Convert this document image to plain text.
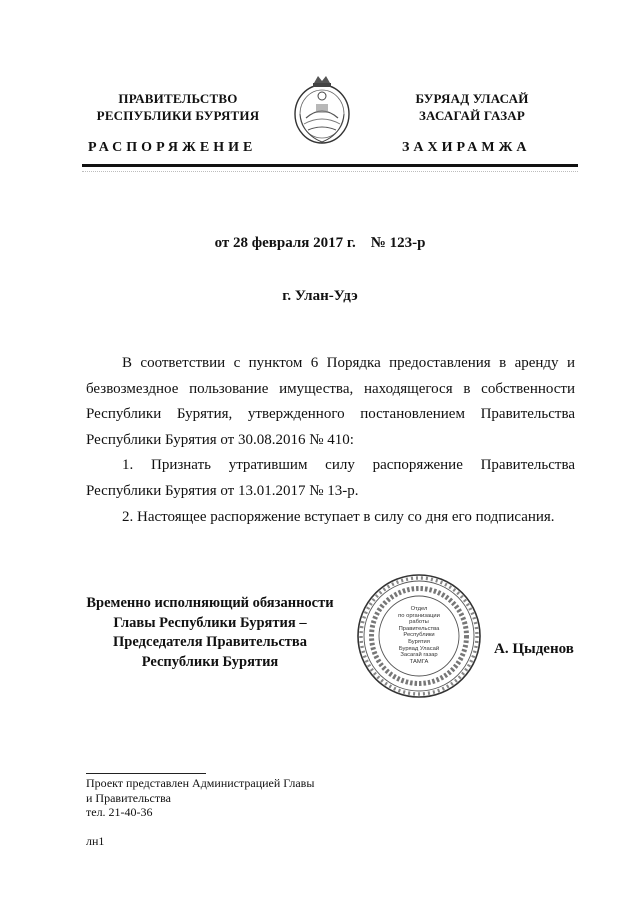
ПРАВИТЕЛЬСТВО
РЕСПУБЛИКИ БУРЯТИЯ
БУРЯАД УЛАСАЙ
ЗАСАГАЙ ГАЗАР
РАСПОРЯЖЕНИЕ	ЗАХИРАМЖА
от 28 февраля 2017 г.    № 123-р
г. Улан-Удэ

В соответствии с пунктом 6 Порядка предоставления в аренду и безвозмездное пользование имущества, находящегося в собственности Республики Бурятия, утвержденного постановлением Правительства Республики Бурятия от 30.08.2016 № 410:

1. Признать утратившим силу распоряжение Правительства Республики Бурятия от 13.01.2017 № 13-р.

2. Настоящее распоряжение вступает в силу со дня его подписания.

Временно исполняющий обязанности
Главы Республики Бурятия –
Председателя Правительства
Республики Бурятия
Отдел
по организации
работы
Правительства
Республики
Бурятия
Буряад Уласай
Засагай газар
ТАМГА
А. Цыденов
Проект представлен Администрацией Главы
и Правительства
тел. 21-40-36
лн1
